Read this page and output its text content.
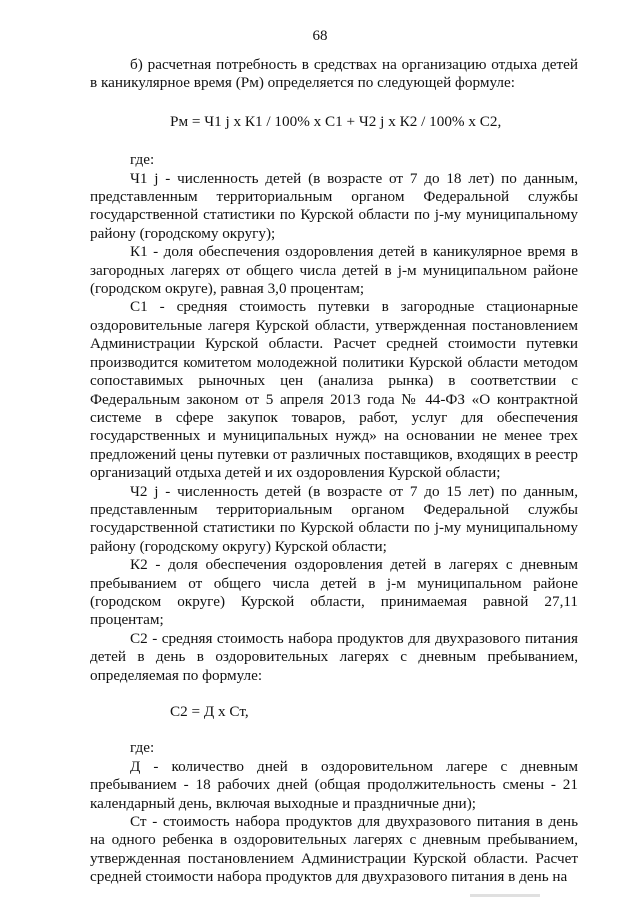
68

б) расчетная потребность в средствах на организацию отдыха детей в каникулярное время (Рм) определяется по следующей формуле:

Рм = Ч1 j х К1 / 100% х С1 + Ч2 j х К2 / 100% х С2,

где:

Ч1 j - численность детей (в возрасте от 7 до 18 лет) по данным, представленным территориальным органом Федеральной службы государственной статистики по Курской области по j-му муниципальному району (городскому округу);

К1 - доля обеспечения оздоровления детей в каникулярное время в загородных лагерях от общего числа детей в j-м муниципальном районе (городском округе), равная 3,0 процентам;

С1 - средняя стоимость путевки в загородные стационарные оздоровительные лагеря Курской области, утвержденная постановлением Администрации Курской области. Расчет средней стоимости путевки производится комитетом молодежной политики Курской области методом сопоставимых рыночных цен (анализа рынка) в соответствии с Федеральным законом от 5 апреля 2013 года № 44-ФЗ «О контрактной системе в сфере закупок товаров, работ, услуг для обеспечения государственных и муниципальных нужд» на основании не менее трех предложений цены путевки от различных поставщиков, входящих в реестр организаций отдыха детей и их оздоровления Курской области;

Ч2 j - численность детей (в возрасте от 7 до 15 лет) по данным, представленным территориальным органом Федеральной службы государственной статистики по Курской области по j-му муниципальному району (городскому округу) Курской области;

К2 - доля обеспечения оздоровления детей в лагерях с дневным пребыванием от общего числа детей в j-м муниципальном районе (городском округе) Курской области, принимаемая равной 27,11 процентам;

С2 - средняя стоимость набора продуктов для двухразового питания детей в день в оздоровительных лагерях с дневным пребыванием, определяемая по формуле:

С2 = Д х Ст,

где:

Д - количество дней в оздоровительном лагере с дневным пребыванием - 18 рабочих дней (общая продолжительность смены - 21 календарный день, включая выходные и праздничные дни);

Ст - стоимость набора продуктов для двухразового питания в день на одного ребенка в оздоровительных лагерях с дневным пребыванием, утвержденная постановлением Администрации Курской области. Расчет средней стоимости набора продуктов для двухразового питания в день на
